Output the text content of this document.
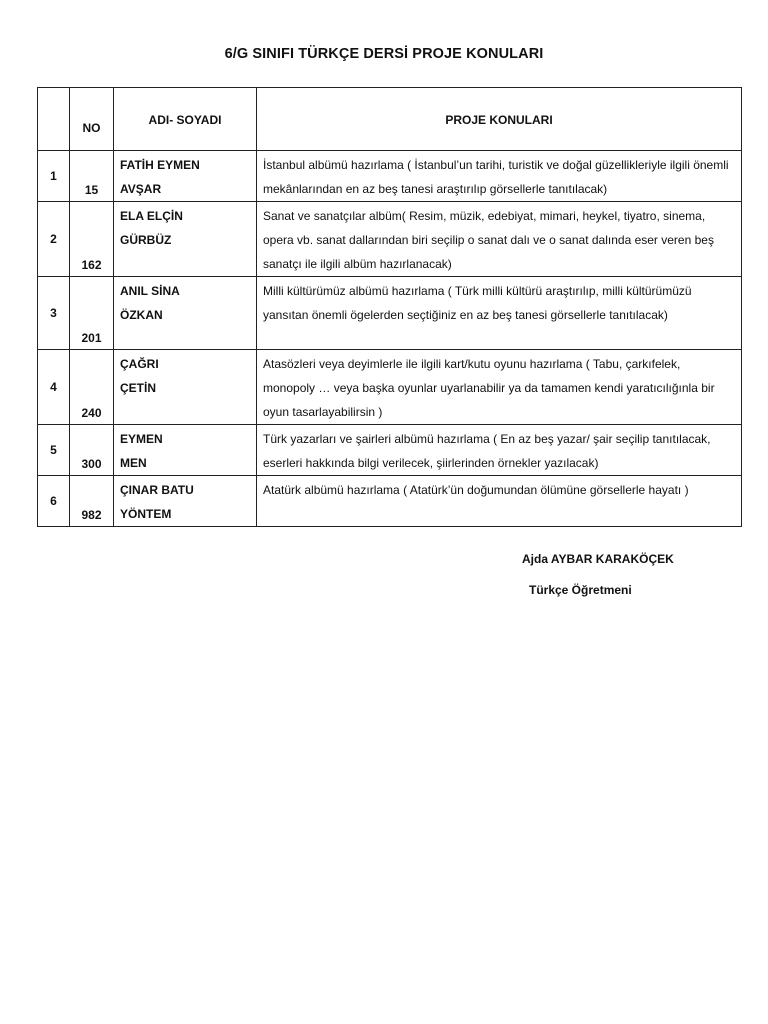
6/G SINIFI TÜRKÇE DERSİ PROJE KONULARI
	NO	ADI- SOYADI	PROJE KONULARI
1	15	FATİH EYMEN
AVŞAR	İstanbul albümü hazırlama ( İstanbul’un tarihi, turistik ve doğal güzellikleriyle ilgili önemli mekânlarından en az beş tanesi araştırılıp görsellerle tanıtılacak)
2	162	ELA ELÇİN
GÜRBÜZ	Sanat ve sanatçılar albüm( Resim, müzik, edebiyat, mimari, heykel, tiyatro, sinema, opera vb. sanat dallarından biri seçilip o sanat dalı ve o sanat dalında eser veren beş sanatçı ile ilgili albüm hazırlanacak)
3	201	ANIL SİNA
ÖZKAN	Milli kültürümüz albümü hazırlama ( Türk milli kültürü araştırılıp, milli kültürümüzü yansıtan önemli ögelerden seçtiğiniz en az beş tanesi görsellerle tanıtılacak)
4	240	ÇAĞRI
ÇETİN	Atasözleri veya deyimlerle ile ilgili kart/kutu oyunu hazırlama ( Tabu, çarkıfelek, monopoly … veya başka oyunlar uyarlanabilir ya da tamamen kendi yaratıcılığınla bir oyun tasarlayabilirsin )
5	300	EYMEN
MEN	Türk yazarları ve şairleri albümü hazırlama ( En az beş yazar/ şair seçilip tanıtılacak, eserleri hakkında bilgi verilecek, şiirlerinden örnekler yazılacak)
6	982	ÇINAR BATU
YÖNTEM	Atatürk albümü hazırlama ( Atatürk’ün doğumundan ölümüne görsellerle hayatı )
Ajda AYBAR KARAKÖÇEK
Türkçe Öğretmeni
